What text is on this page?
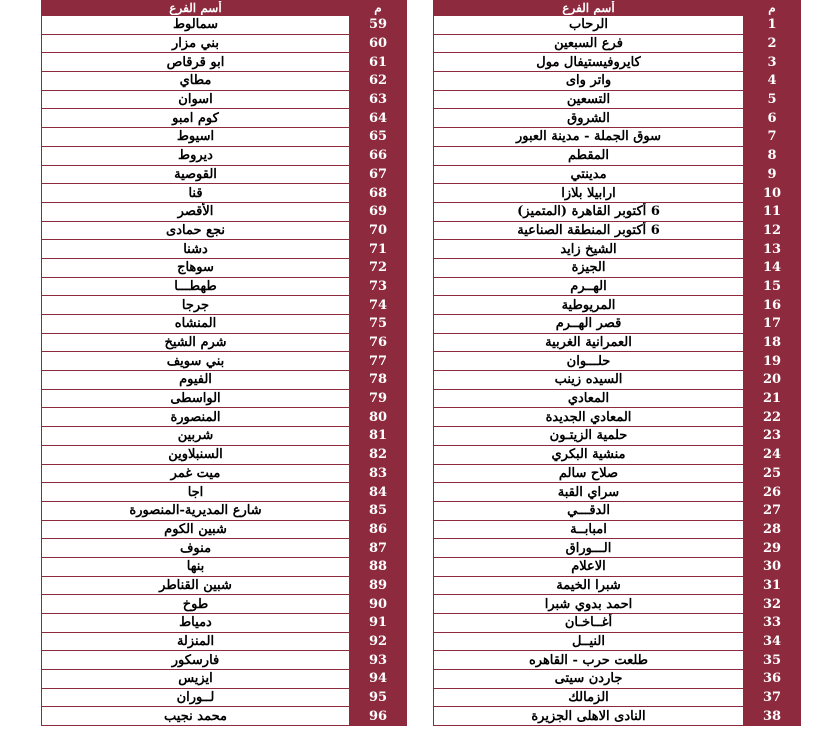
أسم الفرع	م
سمالوط	59
بني مزار	60
ابو قرقاص	61
مطاي	62
اسوان	63
كوم امبو	64
اسيوط	65
ديروط	66
القوصية	67
قنا	68
الأقصر	69
نجع حمادى	70
دشنا	71
سوهاج	72
طهطـــا	73
جرجا	74
المنشاه	75
شرم الشيخ	76
بني سويف	77
الفيوم	78
الواسطى	79
المنصورة	80
شربين	81
السنبلاوين	82
ميت غمر	83
اجا	84
شارع المديرية-المنصورة	85
شبين الكوم	86
منوف	87
بنها	88
شبين القناطر	89
طوخ	90
دمياط	91
المنزلة	92
فارسكور	93
ايزيس	94
لــوران	95
محمد نجيب	96
أسم الفرع	م
الرحاب	1
فرع السبعين	2
كايروفيستيفال مول	3
واتر واى	4
التسعين	5
الشروق	6
سوق الجملة - مدينة العبور	7
المقطم	8
مدينتي	9
ارابيلا بلازا	10
6 أكتوبر القاهرة (المتميز)	11
6 أكتوبر المنطقة الصناعية	12
الشيخ زايد	13
الجيزة	14
الهــرم	15
المريوطية	16
قصر الهــرم	17
العمرانية الغربية	18
حلـــوان	19
السيده زينب	20
المعادي	21
المعادي الجديدة	22
حلمية الزيتـون	23
منشية البكري	24
صلاح سالم	25
سراي القبة	26
الدقـــي	27
امبابــة	28
الـــوراق	29
الاعلام	30
شبرا الخيمة	31
احمد بدوي شبرا	32
أغــاخـان	33
النيــل	34
طلعت حرب - القاهره	35
جاردن سيتى	36
الزمالك	37
النادى الاهلى الجزيرة	38
